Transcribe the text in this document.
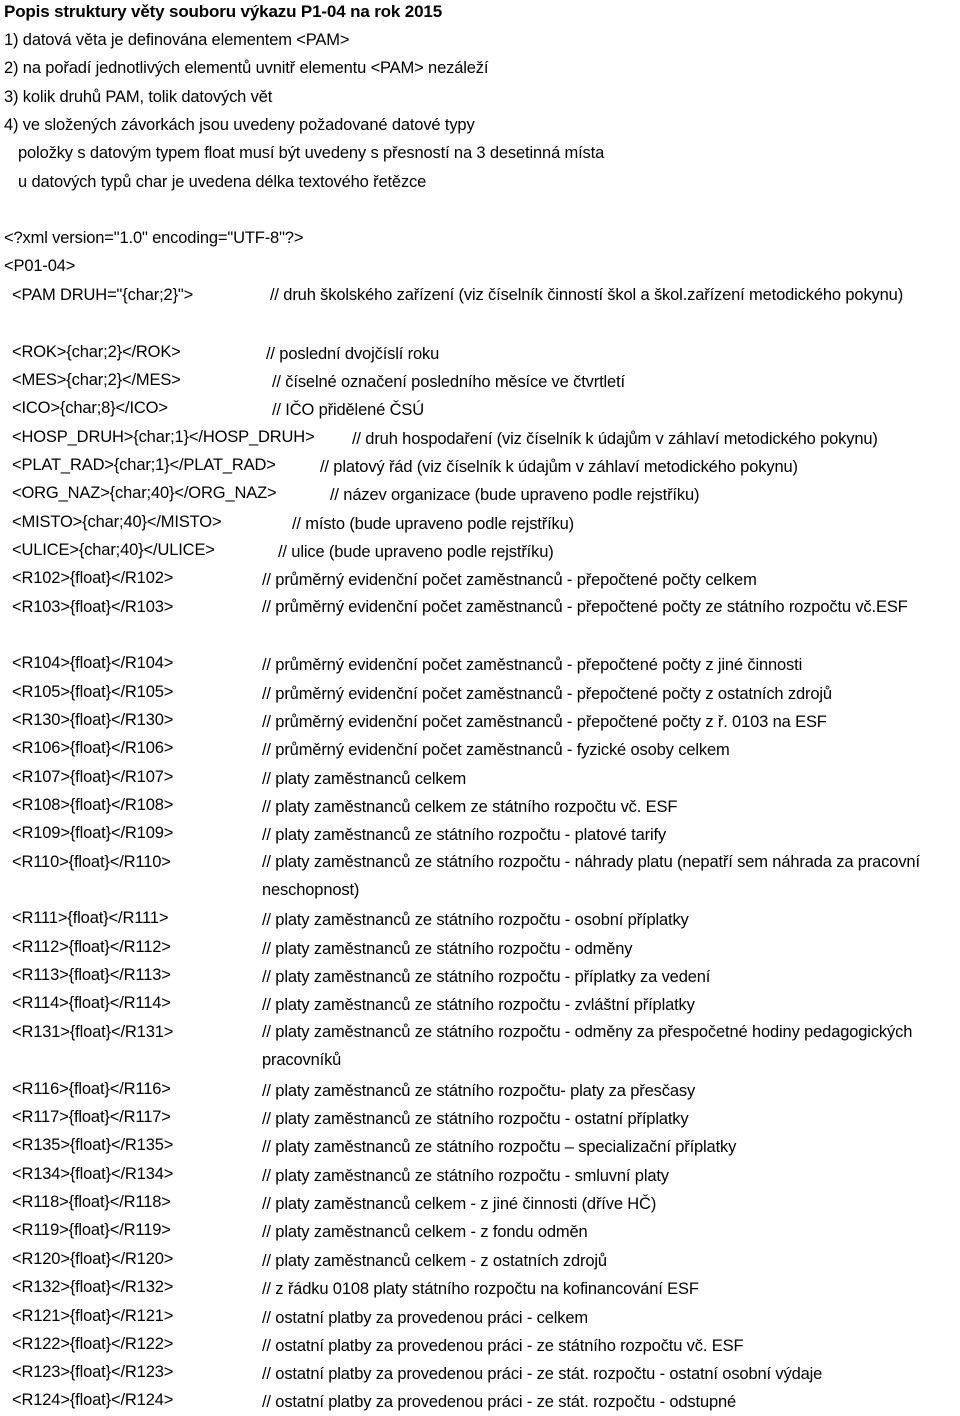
Popis struktury věty souboru výkazu P1-04 na rok 2015
1) datová věta je definována elementem <PAM>
2) na pořadí jednotlivých elementů uvnitř elementu <PAM> nezáleží
3) kolik druhů PAM, tolik datových vět
4) ve složených závorkách jsou uvedeny požadované datové typy
položky s datovým typem float musí být uvedeny s přesností na 3 desetinná místa
u datových typů char je uvedena délka textového řetězce
<?xml version="1.0" encoding="UTF-8"?>
<P01-04>
<PAM DRUH="{char;2}">	// druh školského zařízení (viz číselník činností škol a škol.zařízení metodického pokynu)
<ROK>{char;2}</ROK>	// poslední dvojčíslí roku
<MES>{char;2}</MES>	// číselné označení posledního měsíce ve čtvrtletí
<ICO>{char;8}</ICO>	// IČO přidělené ČSÚ
<HOSP_DRUH>{char;1}</HOSP_DRUH> // druh hospodaření (viz číselník k údajům v záhlaví metodického pokynu)
<PLAT_RAD>{char;1}</PLAT_RAD>	// platový řád (viz číselník k údajům v záhlaví metodického pokynu)
<ORG_NAZ>{char;40}</ORG_NAZ>	// název organizace (bude upraveno podle rejstříku)
<MISTO>{char;40}</MISTO>	// místo (bude upraveno podle rejstříku)
<ULICE>{char;40}</ULICE>	// ulice (bude upraveno podle rejstříku)
<R102>{float}</R102>	// průměrný evidenční počet zaměstnanců - přepočtené počty celkem
<R103>{float}</R103>	// průměrný evidenční počet zaměstnanců - přepočtené počty ze státního rozpočtu vč.ESF
<R104>{float}</R104>	// průměrný evidenční počet zaměstnanců - přepočtené počty z jiné činnosti
<R105>{float}</R105>	// průměrný evidenční počet zaměstnanců - přepočtené počty z ostatních zdrojů
<R130>{float}</R130>	// průměrný evidenční počet zaměstnanců - přepočtené počty z ř. 0103 na ESF
<R106>{float}</R106>	// průměrný evidenční počet zaměstnanců - fyzické osoby celkem
<R107>{float}</R107>	// platy zaměstnanců celkem
<R108>{float}</R108>	// platy zaměstnanců celkem ze státního rozpočtu vč. ESF
<R109>{float}</R109>	// platy zaměstnanců ze státního rozpočtu - platové tarify
<R110>{float}</R110>	// platy zaměstnanců ze státního rozpočtu - náhrady platu (nepatří sem náhrada za pracovní neschopnost)
<R111>{float}</R111>	// platy zaměstnanců ze státního rozpočtu - osobní příplatky
<R112>{float}</R112>	// platy zaměstnanců ze státního rozpočtu - odměny
<R113>{float}</R113>	// platy zaměstnanců ze státního rozpočtu - příplatky za vedení
<R114>{float}</R114>	// platy zaměstnanců ze státního rozpočtu - zvláštní příplatky
<R131>{float}</R131>	// platy zaměstnanců ze státního rozpočtu - odměny za přespočetné hodiny pedagogických pracovníků
<R116>{float}</R116>	// platy zaměstnanců ze státního rozpočtu- platy za přesčasy
<R117>{float}</R117>	// platy zaměstnanců ze státního rozpočtu - ostatní příplatky
<R135>{float}</R135>	// platy zaměstnanců ze státního rozpočtu – specializační příplatky
<R134>{float}</R134>	// platy zaměstnanců ze státního rozpočtu - smluvní platy
<R118>{float}</R118>	// platy zaměstnanců celkem - z jiné činnosti (dříve HČ)
<R119>{float}</R119>	// platy zaměstnanců celkem - z fondu odměn
<R120>{float}</R120>	// platy zaměstnanců celkem - z ostatních zdrojů
<R132>{float}</R132>	// z řádku 0108 platy státního rozpočtu na kofinancování ESF
<R121>{float}</R121>	// ostatní platby za provedenou práci - celkem
<R122>{float}</R122>	// ostatní platby za provedenou práci - ze státního rozpočtu vč. ESF
<R123>{float}</R123>	// ostatní platby za provedenou práci - ze stát. rozpočtu - ostatní osobní výdaje
<R124>{float}</R124>	// ostatní platby za provedenou práci - ze stát. rozpočtu - odstupné
